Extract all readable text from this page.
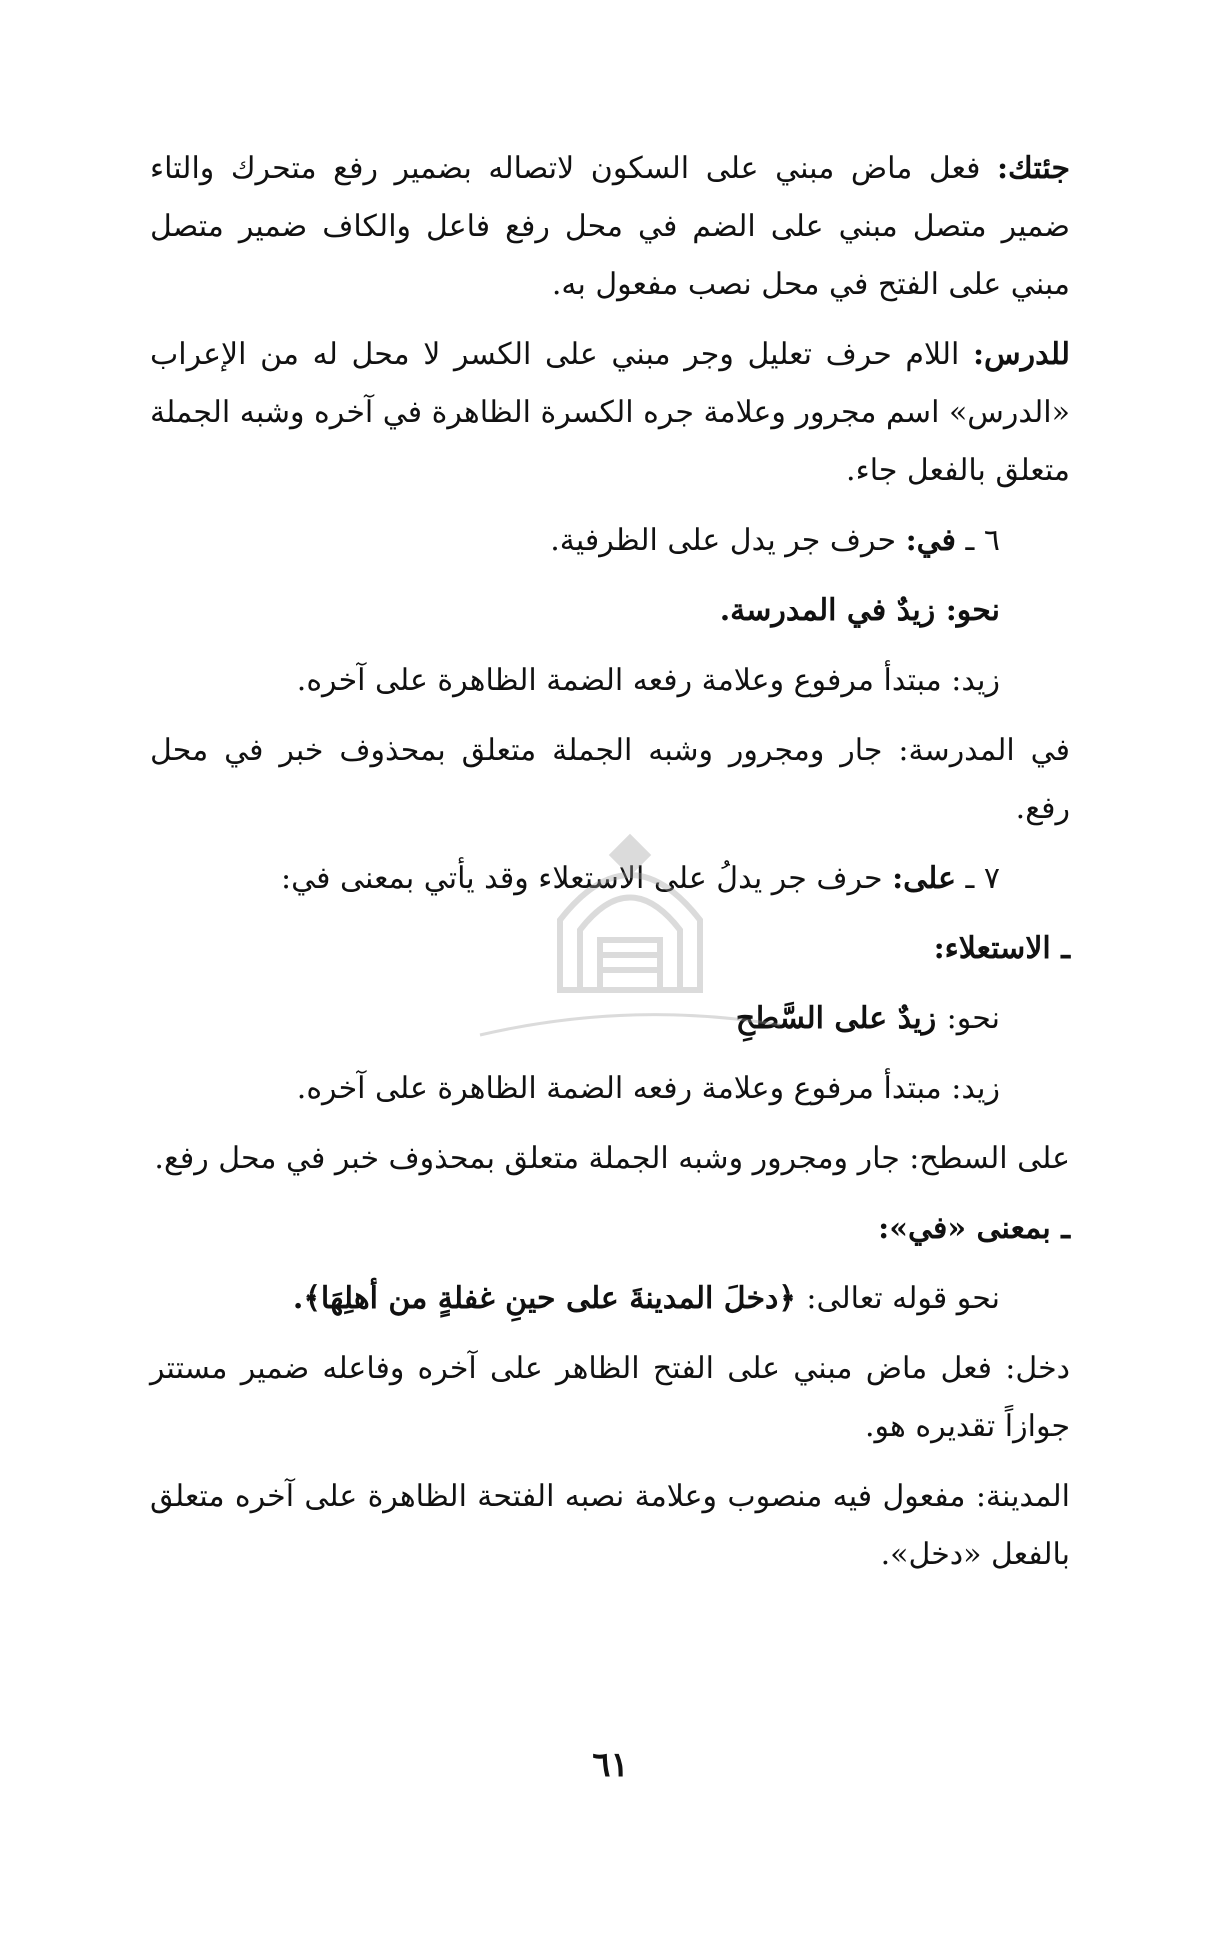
جئتك: فعل ماض مبني على السكون لاتصاله بضمير رفع متحرك والتاء ضمير متصل مبني على الضم في محل رفع فاعل والكاف ضمير متصل مبني على الفتح في محل نصب مفعول به.

للدرس: اللام حرف تعليل وجر مبني على الكسر لا محل له من الإعراب «الدرس» اسم مجرور وعلامة جره الكسرة الظاهرة في آخره وشبه الجملة متعلق بالفعل جاء.

٦ ـ في: حرف جر يدل على الظرفية.

نحو: زيدٌ في المدرسة.

زيد: مبتدأ مرفوع وعلامة رفعه الضمة الظاهرة على آخره.

في المدرسة: جار ومجرور وشبه الجملة متعلق بمحذوف خبر في محل رفع.

٧ ـ على: حرف جر يدلُ على الاستعلاء وقد يأتي بمعنى في:

ـ الاستعلاء:

نحو: زيدٌ على السَّطحِ

زيد: مبتدأ مرفوع وعلامة رفعه الضمة الظاهرة على آخره.

على السطح: جار ومجرور وشبه الجملة متعلق بمحذوف خبر في محل رفع.

ـ بمعنى «في»:

نحو قوله تعالى: ﴿دخلَ المدينةَ على حينِ غفلةٍ من أهلِهَا﴾.

دخل: فعل ماض مبني على الفتح الظاهر على آخره وفاعله ضمير مستتر جوازاً تقديره هو.

المدينة: مفعول فيه منصوب وعلامة نصبه الفتحة الظاهرة على آخره متعلق بالفعل «دخل».

٦١
